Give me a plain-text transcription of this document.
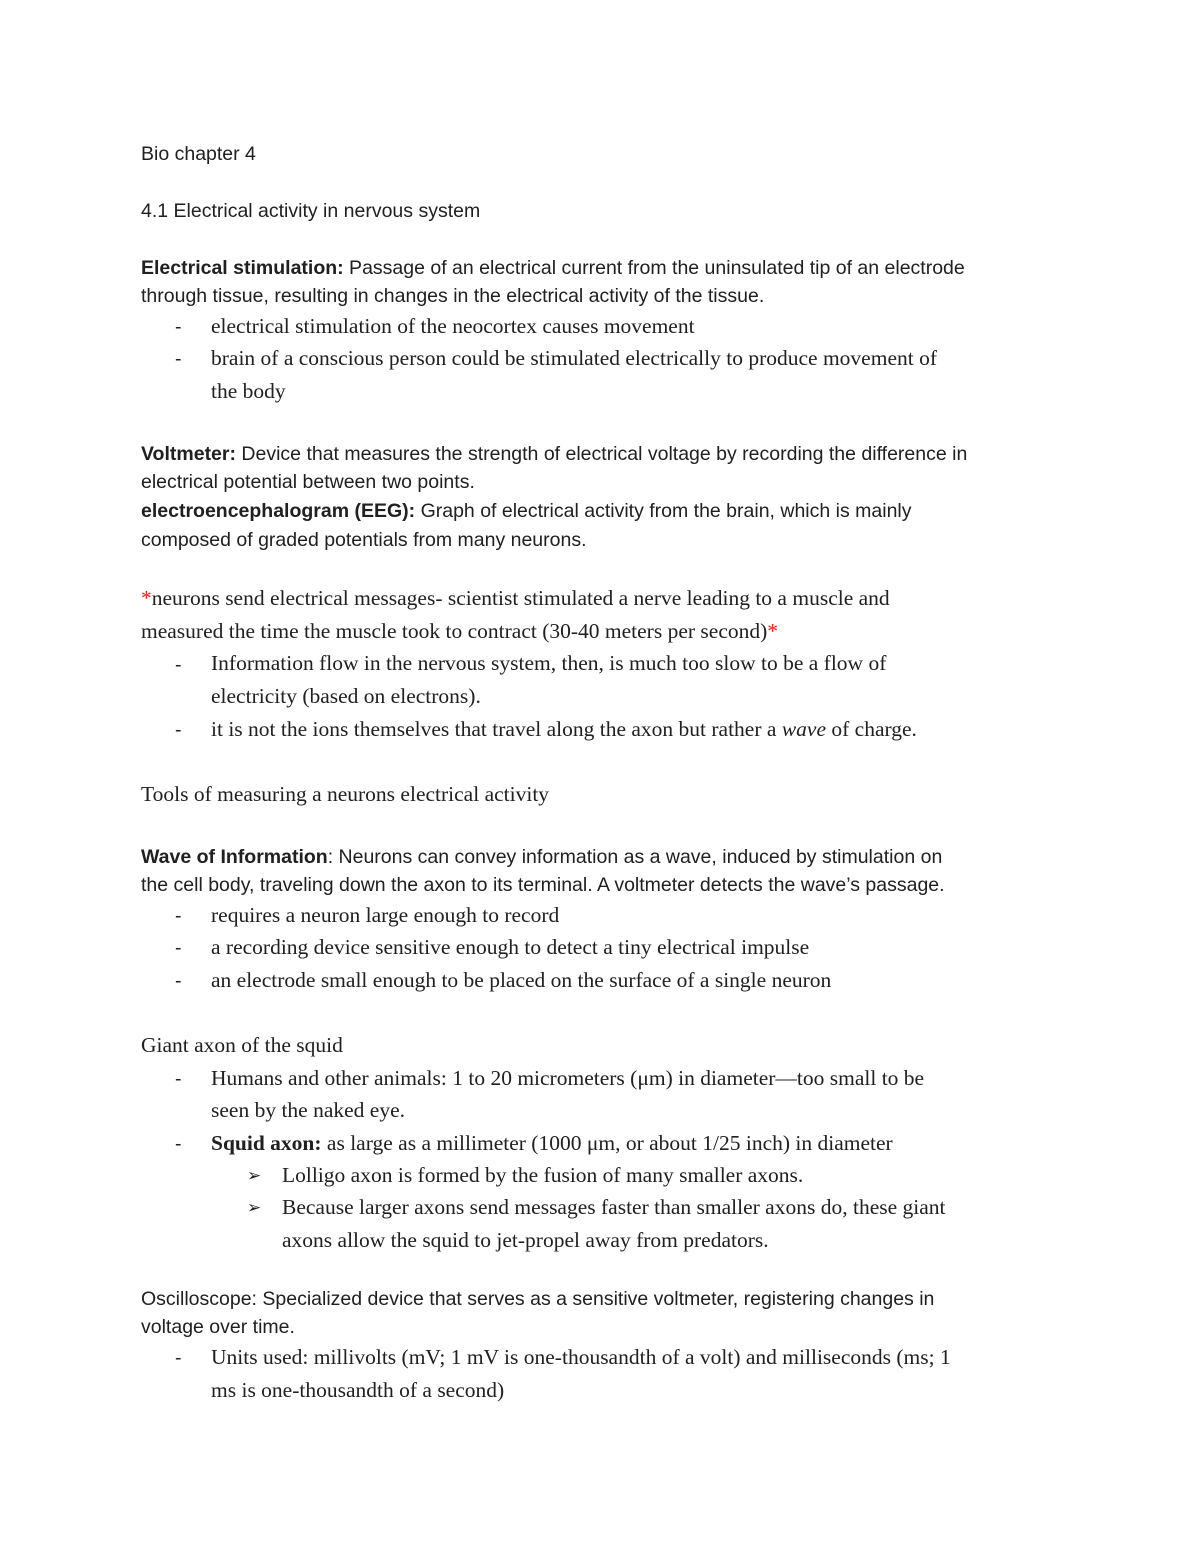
Bio chapter 4
4.1 Electrical activity in nervous system
Electrical stimulation: Passage of an electrical current from the uninsulated tip of an electrode
through tissue, resulting in changes in the electrical activity of the tissue.
- electrical stimulation of the neocortex causes movement
- brain of a conscious person could be stimulated electrically to produce movement of
the body
Voltmeter: Device that measures the strength of electrical voltage by recording the difference in
electrical potential between two points.
electroencephalogram (EEG): Graph of electrical activity from the brain, which is mainly
composed of graded potentials from many neurons.
*neurons send electrical messages- scientist stimulated a nerve leading to a muscle and
measured the time the muscle took to contract (30-40 meters per second)*
- Information flow in the nervous system, then, is much too slow to be a flow of
electricity (based on electrons).
- it is not the ions themselves that travel along the axon but rather a wave of charge.
Tools of measuring a neurons electrical activity
Wave of Information: Neurons can convey information as a wave, induced by stimulation on
the cell body, traveling down the axon to its terminal. A voltmeter detects the wave’s passage.
- requires a neuron large enough to record
- a recording device sensitive enough to detect a tiny electrical impulse
- an electrode small enough to be placed on the surface of a single neuron
Giant axon of the squid
- Humans and other animals: 1 to 20 micrometers (μm) in diameter—too small to be
seen by the naked eye.
- Squid axon: as large as a millimeter (1000 μm, or about 1/25 inch) in diameter
➢ Lolligo axon is formed by the fusion of many smaller axons.
➢ Because larger axons send messages faster than smaller axons do, these giant
axons allow the squid to jet-propel away from predators.
Oscilloscope: Specialized device that serves as a sensitive voltmeter, registering changes in
voltage over time.
- Units used: millivolts (mV; 1 mV is one-thousandth of a volt) and milliseconds (ms; 1
ms is one-thousandth of a second)
